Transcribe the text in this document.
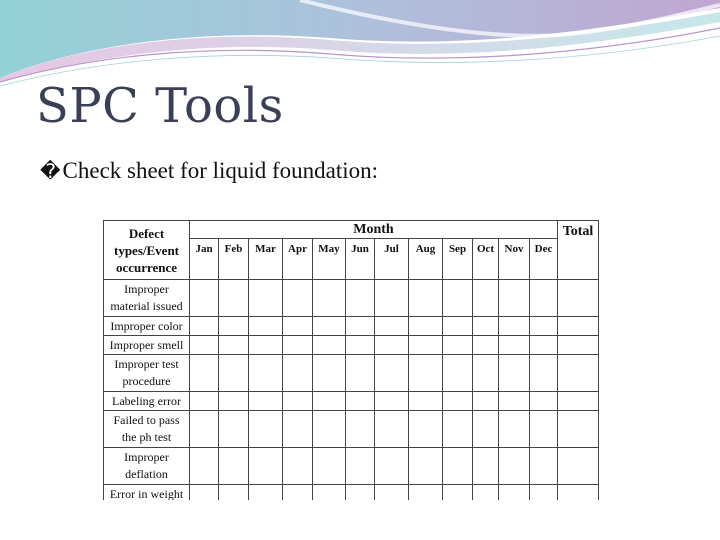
SPC Tools
� Check sheet for liquid foundation:
Defect
types/Event
occurrence	Month												Total
	Jan	Feb	Mar	Apr	May	Jun	Jul	Aug	Sep	Oct	Nov	Dec	

Improper
material issued													

Improper color													

Improper smell													

Improper test
procedure													

Labeling error													

Failed to pass
the ph test													

Improper
deflation													

Error in weight													
